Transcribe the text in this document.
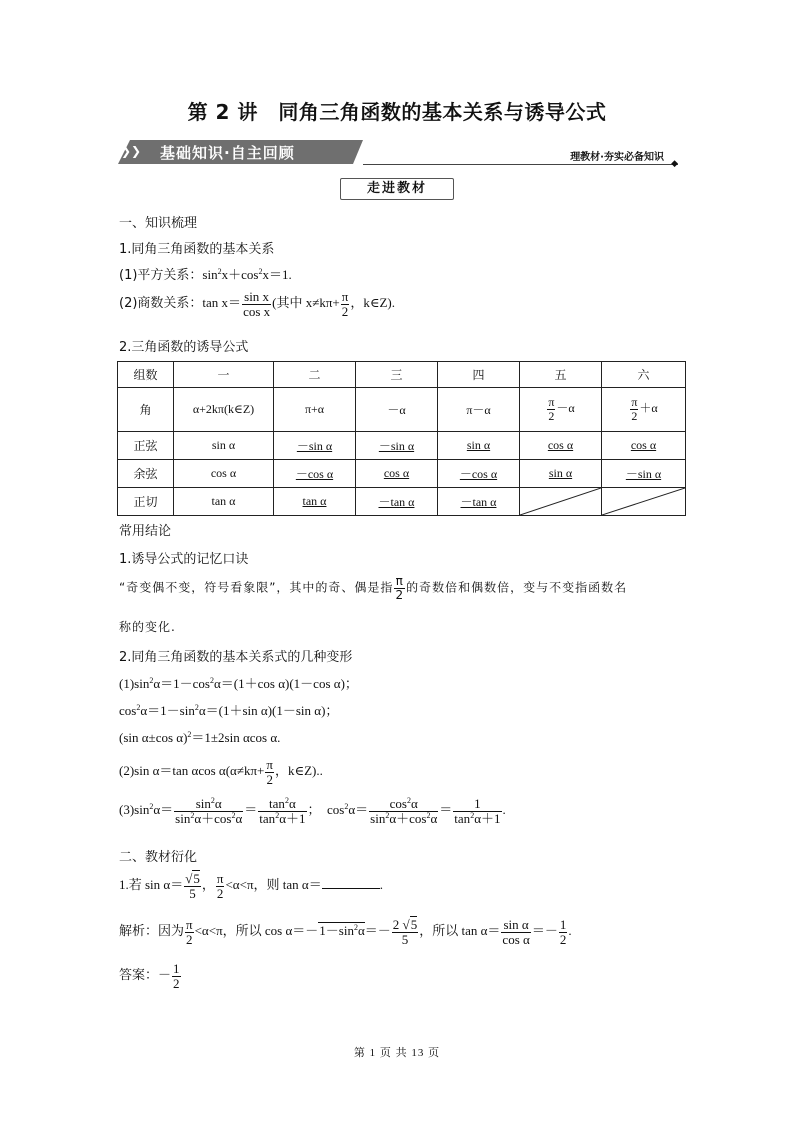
第 2 讲　同角三角函数的基本关系与诱导公式
❯❯ 基础知识·自主回顾	理教材·夯实必备知识 ◆
走进教材
一、知识梳理
1.同角三角函数的基本关系
(1)平方关系：$\sin^2x+\cos^2x=1$.
(2)商数关系：$\tan x= \frac{\text{sin x}}{\text{cos x}}$ (其中 $x\ne k\pi+ \frac{\pi}{2}$ ，k∈Z).
2.三角函数的诱导公式
组数	一	二	三	四	五	六
角	α+2kπ(k∈Z)	π+α	－α	π－α	$\frac{\pi}{2} -\alpha$	$\frac{\pi}{2} +\alpha$
正弦	sin α	－sin α	－sin α	sin α	cos α	cos α
余弦	cos α	－cos α	cos α	－cos α	sin α	－sin α
正切	tan α	tan α	－tan α	－tan α	

常用结论
1.诱导公式的记忆口诀
“奇变偶不变，符号看象限”，其中的奇、偶是指 $\frac{\pi}{2}$ 的奇数倍和偶数倍，变与不变指函数名
称的变化.
2.同角三角函数的基本关系式的几种变形
$(1)\sin^2\alpha=1-\cos^2\alpha=(1+\cos$ α)(1－cos α)；
$\cos^2\alpha=1-\sin^2\alpha=(1+\sin$ α)(1－sin α)；
(sin α±cos α)$^2$＝1±2sin αcos α.
(2)sin α＝tan αcos $\alpha(\alpha\ne k\pi+ \frac{\pi}{2}$ ，k∈Z)..
$(3)\sin^2\alpha= \frac{\sin^2\alpha}{\sin^2\alpha+\cos^2\alpha} = \frac{\tan^2\alpha}{\tan^2\alpha+1}$ ；　$\cos^2\alpha= \frac{\cos^2\alpha}{\sin^2\alpha+\cos^2\alpha} = \frac{1}{\tan^2\alpha+1}$ .
二、教材衍化
1.若 $\sin \alpha= \frac{√5}{5}$ ， $\frac{\pi}{2} <\alpha<\pi$，则 tan α＝	.
解析：因为 $\frac{\pi}{2} <\alpha<\pi$，所以 $\cos \alpha=-1-\sin^2\alpha=- \frac{2 √5}{5}$ ，所以 $\tan \alpha= \frac{\text{sin α}}{\text{cos α}} =- \frac{1}{2}$ .
答案：－ $\frac{1}{2}$
第 1 页 共 13 页
